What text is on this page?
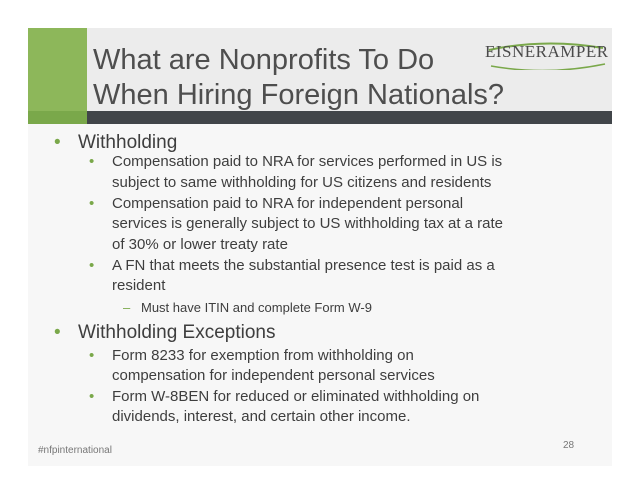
What are Nonprofits To Do
When Hiring Foreign Nationals?
EISNERAMPER
• Withholding
• Compensation paid to NRA for services performed in US is
subject to same withholding for US citizens and residents
• Compensation paid to NRA for independent personal
services is generally subject to US withholding tax at a rate
of 30% or lower treaty rate
• A FN that meets the substantial presence test is paid as a
resident
– Must have ITIN and complete Form W-9
• Withholding Exceptions
• Form 8233 for exemption from withholding on
compensation for independent personal services
• Form W-8BEN for reduced or eliminated withholding on
dividends, interest, and certain other income.
#nfpinternational	28
